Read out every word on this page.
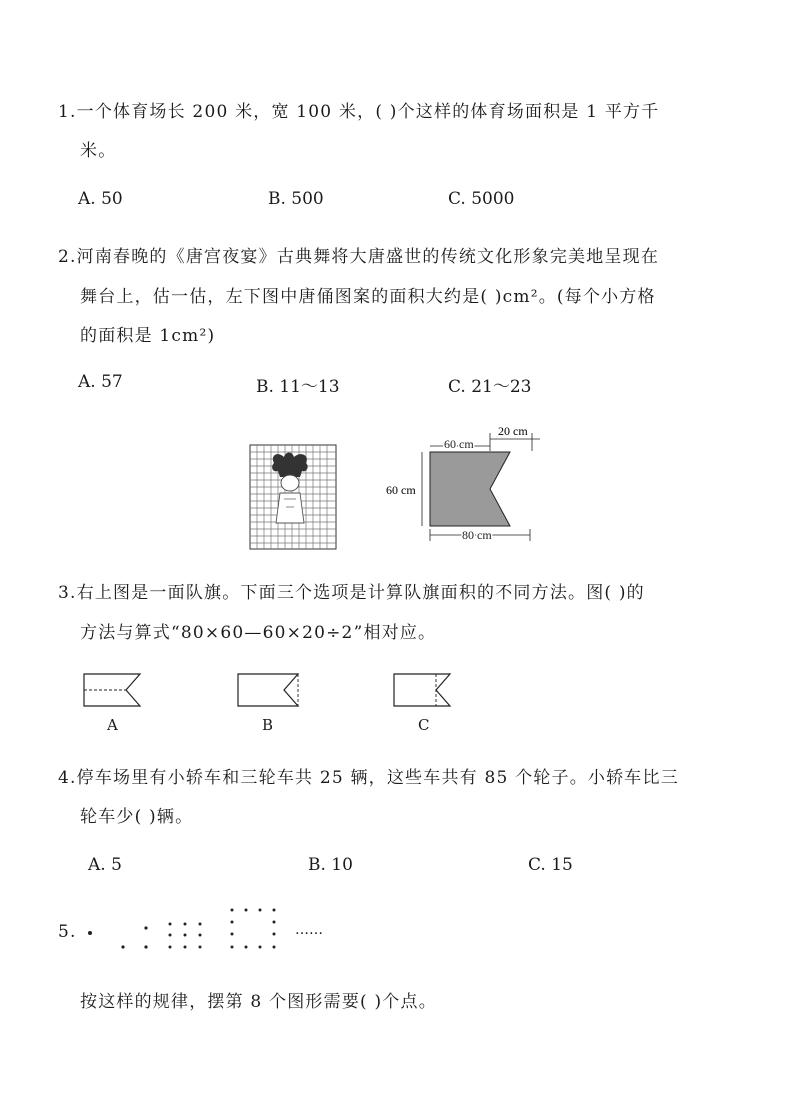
1.一个体育场长 200 米，宽 100 米，( )个这样的体育场面积是 1 平方千
米。
A. 50	B. 500	C. 5000
2.河南春晚的《唐宫夜宴》古典舞将大唐盛世的传统文化形象完美地呈现在
舞台上，估一估，左下图中唐俑图案的面积大约是( )cm²。(每个小方格
的面积是 1cm²)
A. 57	B. 11～13	C. 21～23
20 cm
60 cm
60 cm
80 cm
3.右上图是一面队旗。下面三个选项是计算队旗面积的不同方法。图( )的
方法与算式“80×60—60×20÷2”相对应。
A	B	C
4.停车场里有小轿车和三轮车共 25 辆，这些车共有 85 个轮子。小轿车比三
轮车少( )辆。
A. 5	B. 10	C. 15
5.	……
按这样的规律，摆第 8 个图形需要( )个点。
